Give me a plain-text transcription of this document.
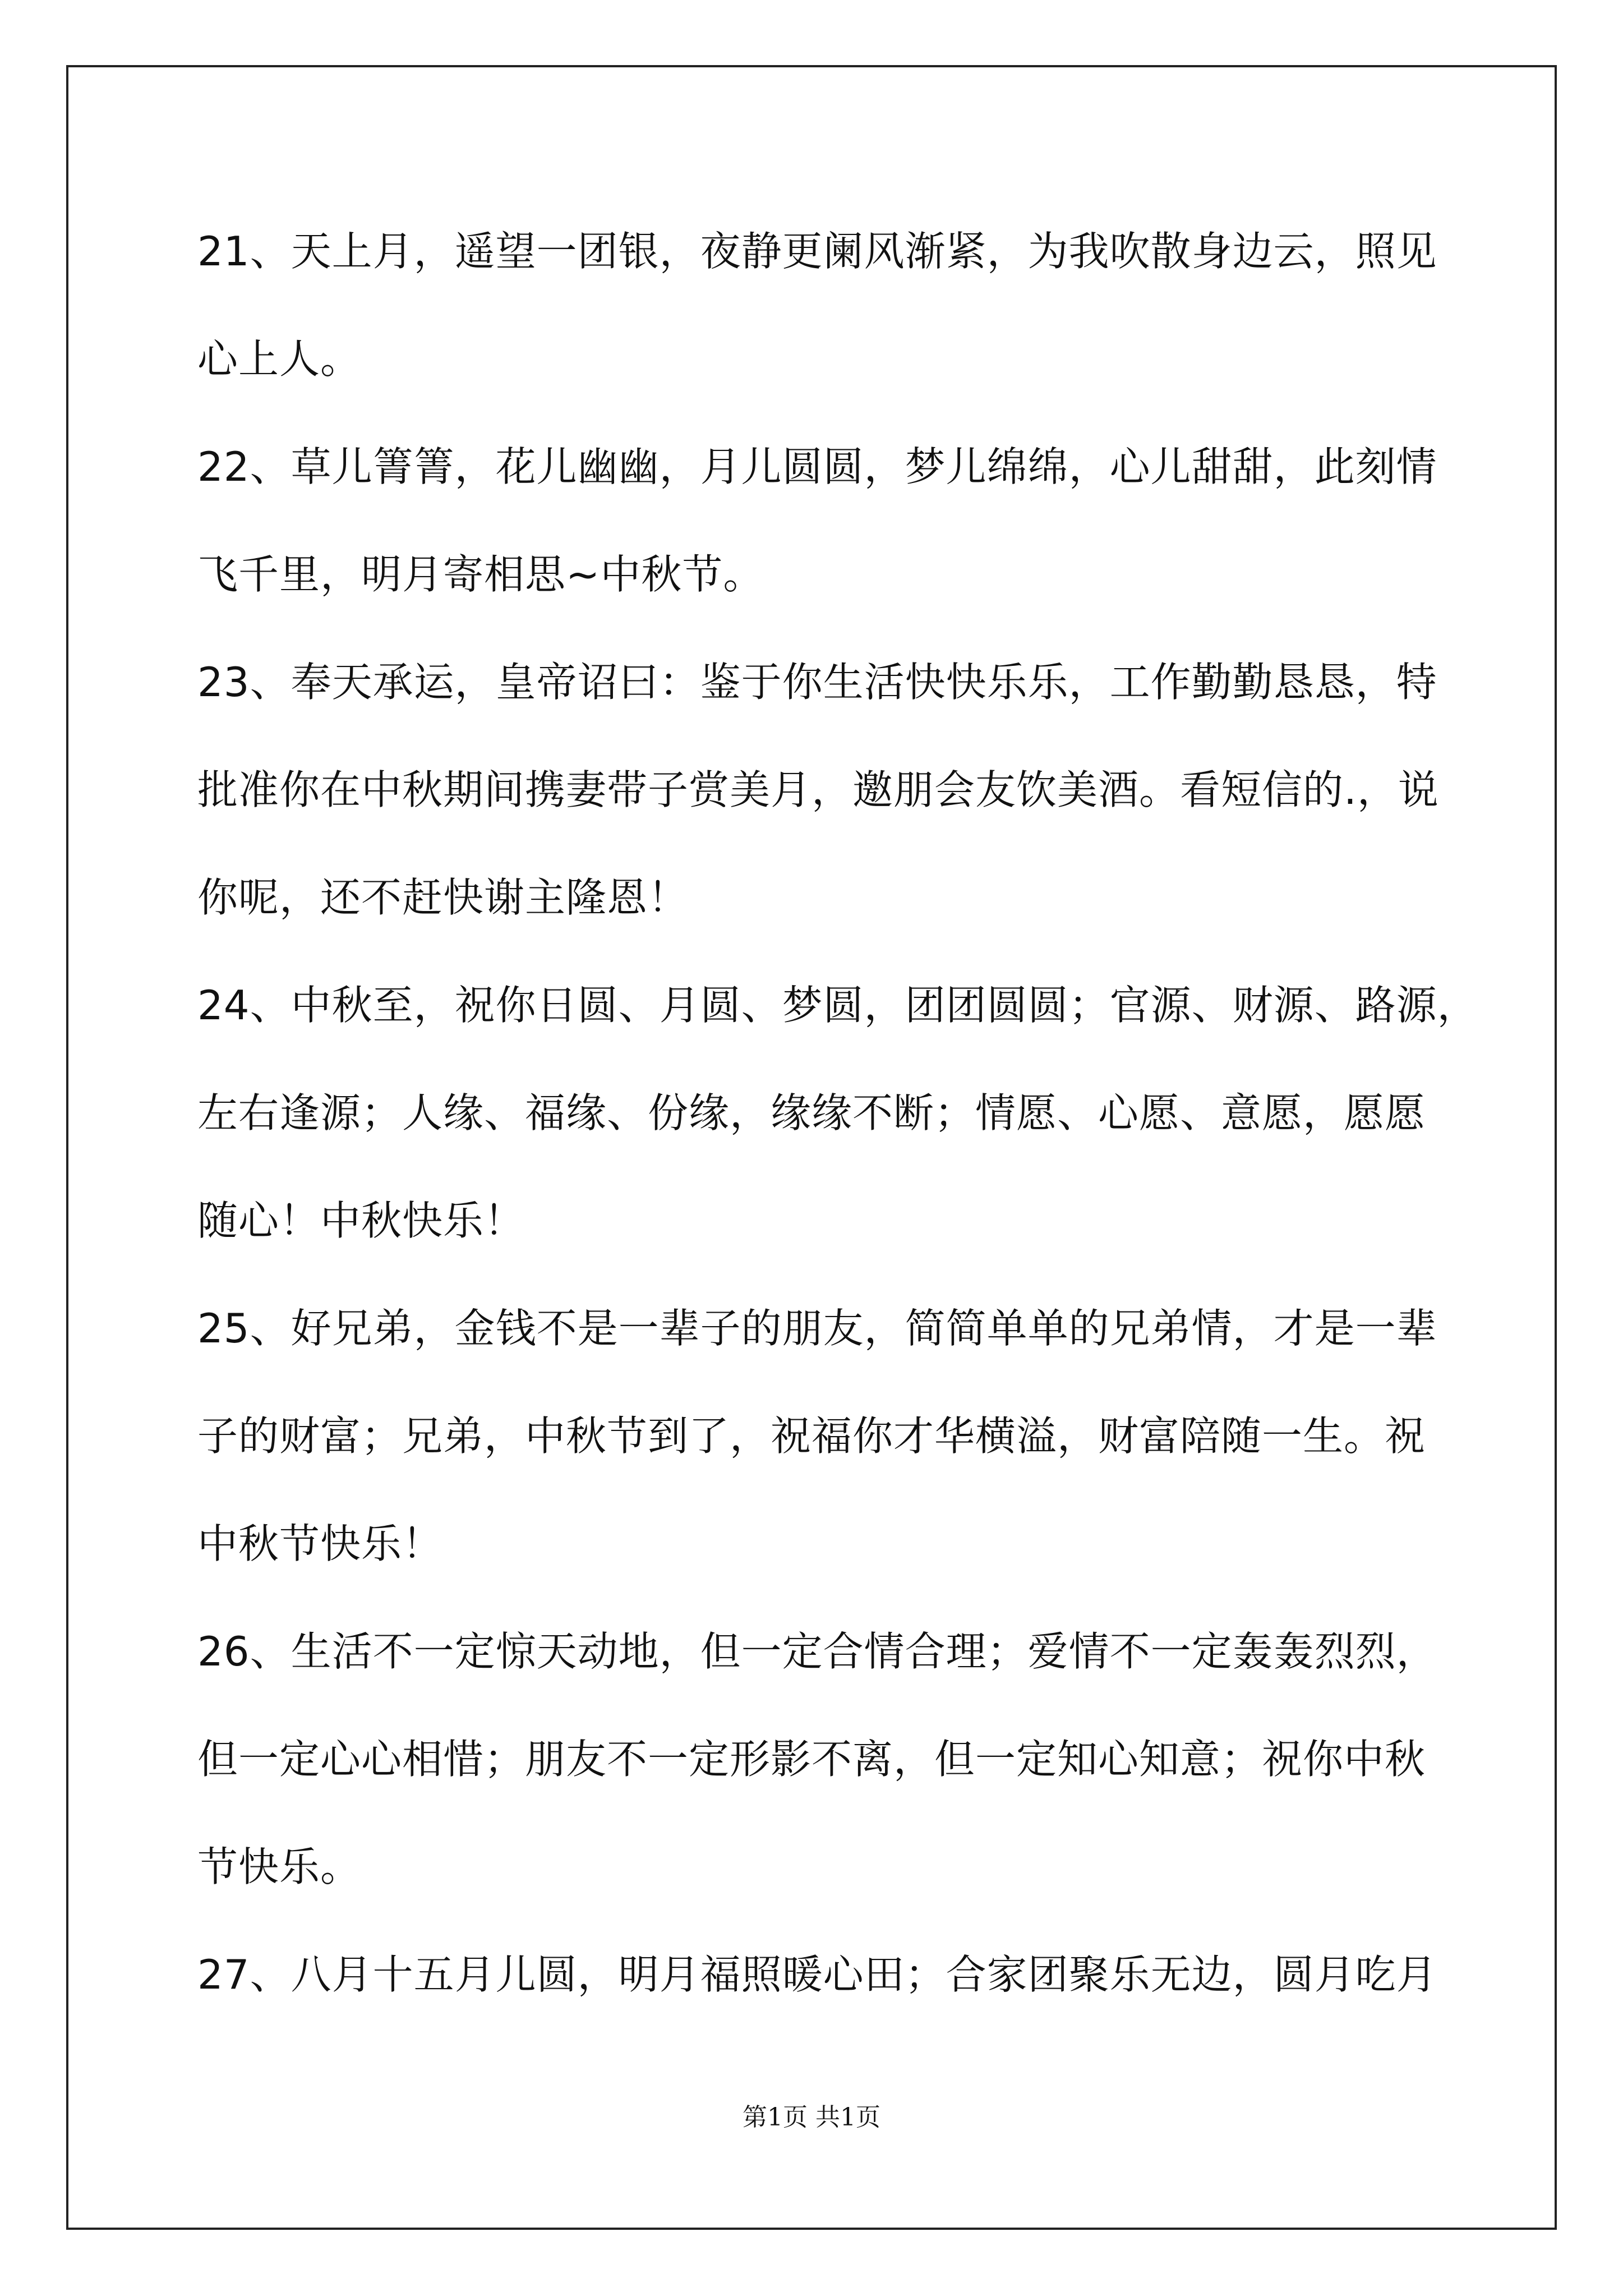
21、天上月，遥望一团银，夜静更阑风渐紧，为我吹散身边云，照见
心上人。
22、草儿箐箐，花儿幽幽，月儿圆圆，梦儿绵绵，心儿甜甜，此刻情
飞千里，明月寄相思~中秋节。
23、奉天承运，皇帝诏曰：鉴于你生活快快乐乐，工作勤勤恳恳，特
批准你在中秋期间携妻带子赏美月，邀朋会友饮美酒。看短信的.，说
你呢，还不赶快谢主隆恩！
24、中秋至，祝你日圆、月圆、梦圆，团团圆圆；官源、财源、路源，
左右逢源；人缘、福缘、份缘，缘缘不断；情愿、心愿、意愿，愿愿
随心！中秋快乐！
25、好兄弟，金钱不是一辈子的朋友，简简单单的兄弟情，才是一辈
子的财富；兄弟，中秋节到了，祝福你才华横溢，财富陪随一生。祝
中秋节快乐！
26、生活不一定惊天动地，但一定合情合理；爱情不一定轰轰烈烈，
但一定心心相惜；朋友不一定形影不离，但一定知心知意；祝你中秋
节快乐。
27、八月十五月儿圆，明月福照暖心田；合家团聚乐无边，圆月吃月
第1页 共1页
